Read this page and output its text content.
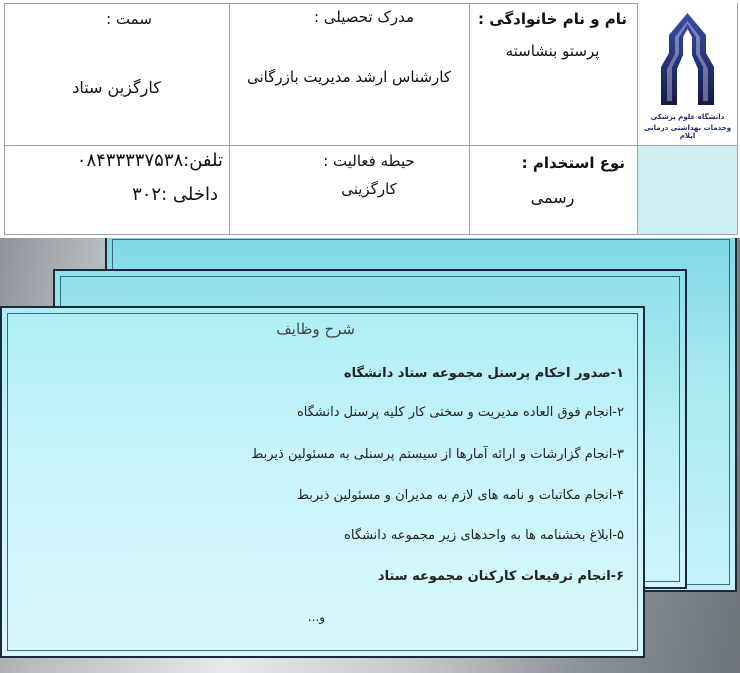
نام و نام خانوادگی :
پرستو بنشاسته
مدرک تحصیلی :
کارشناس ارشد مدیریت بازرگانی
سمت :
کارگزین ستاد
نوع استخدام :
رسمی
حیطه فعالیت :
کارگزینی
تلفن:۰۸۴۳۳۳۳۷۵۳۸
داخلی :۳۰۲
دانشگاه علوم پزشکی
وخدمات بهداشتی درمانی ایلام
شرح وظایف
۱-صدور احکام پرسنل مجموعه ستاد دانشگاه
۲-انجام فوق العاده مدیریت و سختی کار کلیه پرسنل دانشگاه
۳-انجام گزارشات و ارائه آمارها از سیستم پرسنلی به مسئولین ذیربط
۴-انجام مکاتبات و نامه های لازم به مدیران و مسئولین ذیربط
۵-ابلاغ بخشنامه ها به واحدهای زیر مجموعه دانشگاه
۶-انجام ترفیعات کارکنان مجموعه ستاد
و...
